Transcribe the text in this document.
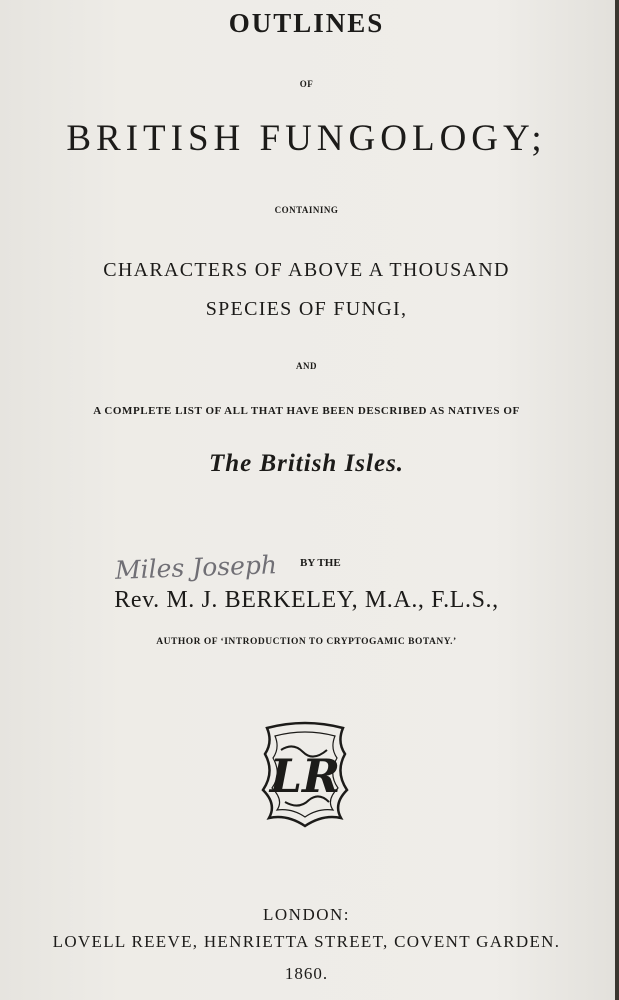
OUTLINES
OF
BRITISH FUNGOLOGY;
CONTAINING
CHARACTERS OF ABOVE A THOUSAND
SPECIES OF FUNGI,
AND
A COMPLETE LIST OF ALL THAT HAVE BEEN DESCRIBED AS NATIVES OF
The British Isles.
Miles Joseph BY THE
Rev. M. J. BERKELEY, M.A., F.L.S.,
AUTHOR OF ‘INTRODUCTION TO CRYPTOGAMIC BOTANY.’
LR
LONDON:
LOVELL REEVE, HENRIETTA STREET, COVENT GARDEN.
1860.
